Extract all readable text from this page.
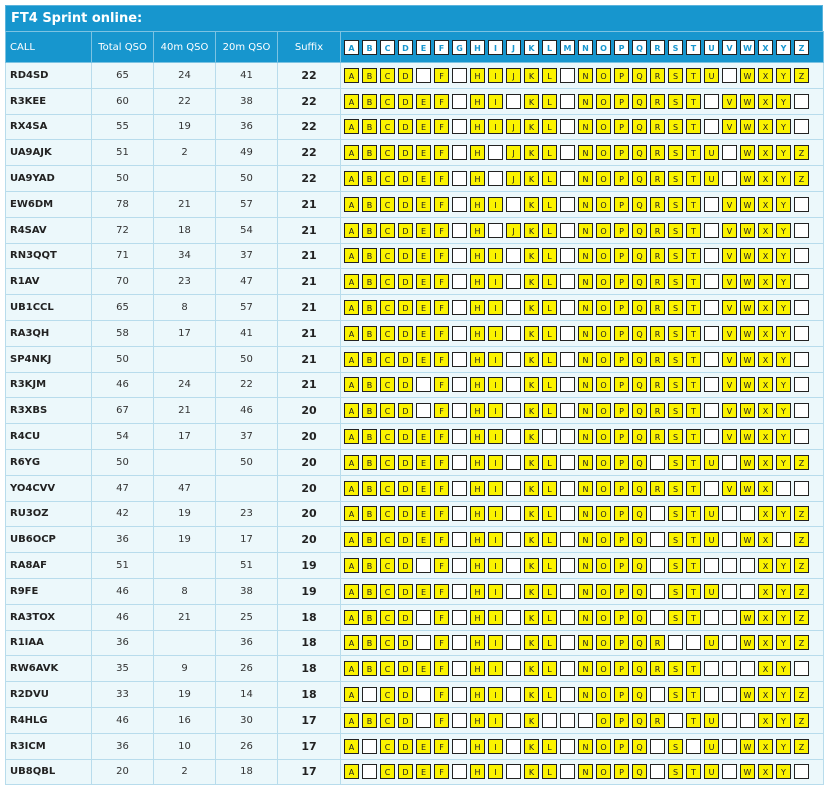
FT4 Sprint online:
CALL	Total QSO	40m QSO	20m QSO	Suffix	A B C D E F G H I J K L M N O P Q R S T U V W X Y Z
RD4SD	65	24	41	22	A B C D F H I J K L N O P Q R S T U W X Y Z
R3KEE	60	22	38	22	A B C D E F H I K L N O P Q R S T V W X Y
RX4SA	55	19	36	22	A B C D E F H I J K L N O P Q R S T V W X Y
UA9AJK	51	2	49	22	A B C D E F H J K L N O P Q R S T U W X Y Z
UA9YAD	50		50	22	A B C D E F H J K L N O P Q R S T U W X Y Z
EW6DM	78	21	57	21	A B C D E F H I K L N O P Q R S T V W X Y
R4SAV	72	18	54	21	A B C D E F H J K L N O P Q R S T V W X Y
RN3QQT	71	34	37	21	A B C D E F H I K L N O P Q R S T V W X Y
R1AV	70	23	47	21	A B C D E F H I K L N O P Q R S T V W X Y
UB1CCL	65	8	57	21	A B C D E F H I K L N O P Q R S T V W X Y
RA3QH	58	17	41	21	A B C D E F H I K L N O P Q R S T V W X Y
SP4NKJ	50		50	21	A B C D E F H I K L N O P Q R S T V W X Y
R3KJM	46	24	22	21	A B C D F H I K L N O P Q R S T V W X Y
R3XBS	67	21	46	20	A B C D F H I K L N O P Q R S T V W X Y
R4CU	54	17	37	20	A B C D E F H I K N O P Q R S T V W X Y
R6YG	50		50	20	A B C D E F H I K L N O P Q S T U W X Y Z
YO4CVV	47	47		20	A B C D E F H I K L N O P Q R S T V W X
RU3OZ	42	19	23	20	A B C D E F H I K L N O P Q S T U X Y Z
UB6OCP	36	19	17	20	A B C D E F H I K L N O P Q S T U W X Z
RA8AF	51		51	19	A B C D F H I K L N O P Q S T X Y Z
R9FE	46	8	38	19	A B C D E F H I K L N O P Q S T U X Y Z
RA3TOX	46	21	25	18	A B C D F H I K L N O P Q S T W X Y Z
R1IAA	36		36	18	A B C D F H I K L N O P Q R U W X Y Z
RW6AVK	35	9	26	18	A B C D E F H I K L N O P Q R S T X Y
R2DVU	33	19	14	18	A C D F H I K L N O P Q S T W X Y Z
R4HLG	46	16	30	17	A B C D F H I K O P Q R T U X Y Z
R3ICM	36	10	26	17	A C D E F H I K L N O P Q S U W X Y Z
UB8QBL	20	2	18	17	A C D E F H I K L N O P Q S T U W X Y
